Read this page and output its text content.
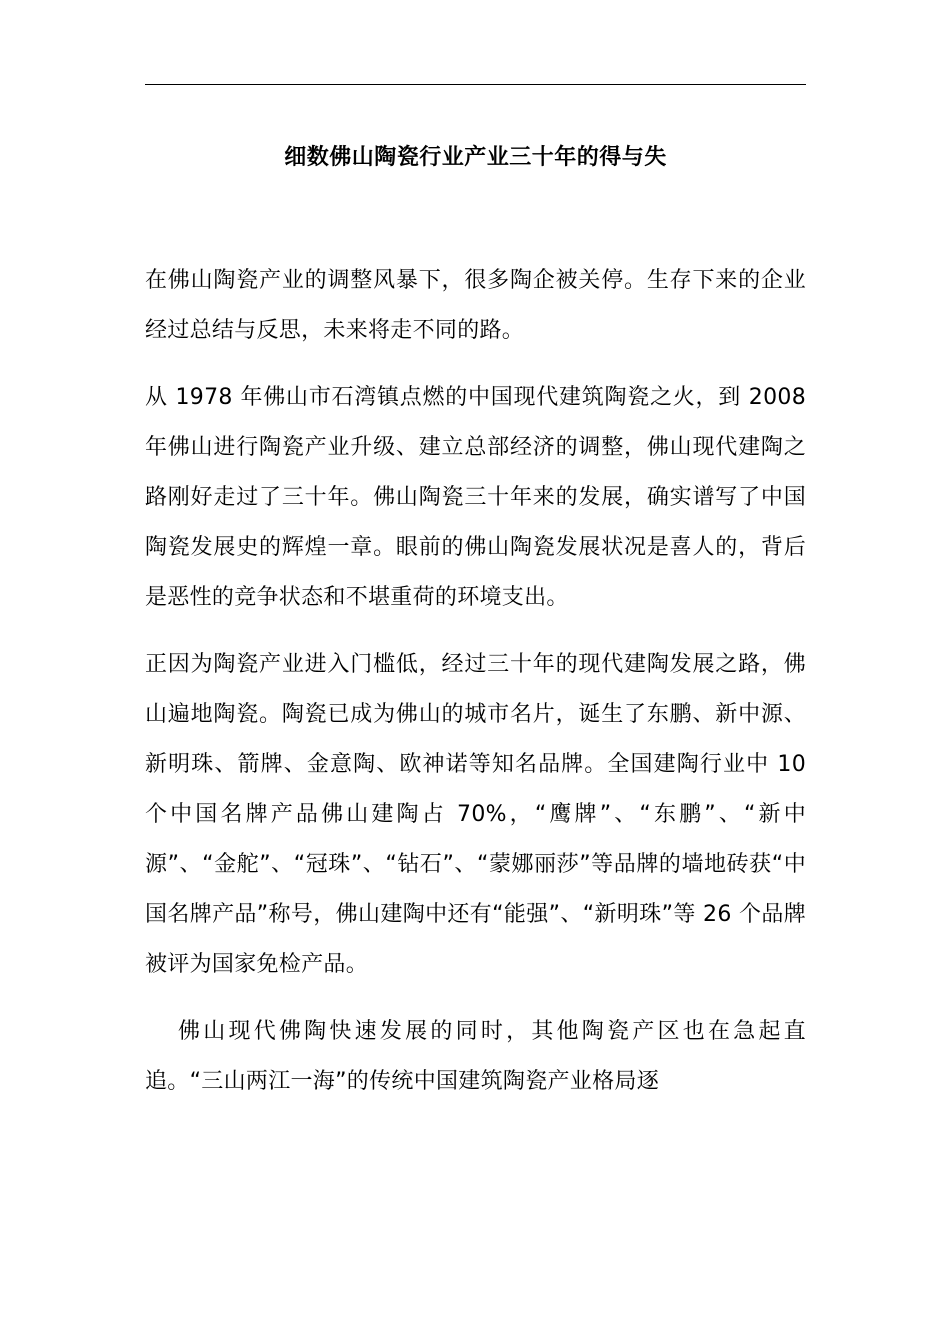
细数佛山陶瓷行业产业三十年的得与失

在佛山陶瓷产业的调整风暴下，很多陶企被关停。生存下来的企业经过总结与反思，未来将走不同的路。

从 1978 年佛山市石湾镇点燃的中国现代建筑陶瓷之火，到 2008 年佛山进行陶瓷产业升级、建立总部经济的调整，佛山现代建陶之路刚好走过了三十年。佛山陶瓷三十年来的发展，确实谱写了中国陶瓷发展史的辉煌一章。眼前的佛山陶瓷发展状况是喜人的，背后是恶性的竞争状态和不堪重荷的环境支出。

正因为陶瓷产业进入门槛低，经过三十年的现代建陶发展之路，佛山遍地陶瓷。陶瓷已成为佛山的城市名片，诞生了东鹏、新中源、新明珠、箭牌、金意陶、欧神诺等知名品牌。全国建陶行业中 10 个中国名牌产品佛山建陶占 70%，“鹰牌”、“东鹏”、“新中源”、“金舵”、“冠珠”、“钻石”、“蒙娜丽莎”等品牌的墙地砖获“中国名牌产品”称号，佛山建陶中还有“能强”、“新明珠”等 26 个品牌被评为国家免检产品。

佛山现代佛陶快速发展的同时，其他陶瓷产区也在急起直追。“三山两江一海”的传统中国建筑陶瓷产业格局逐
